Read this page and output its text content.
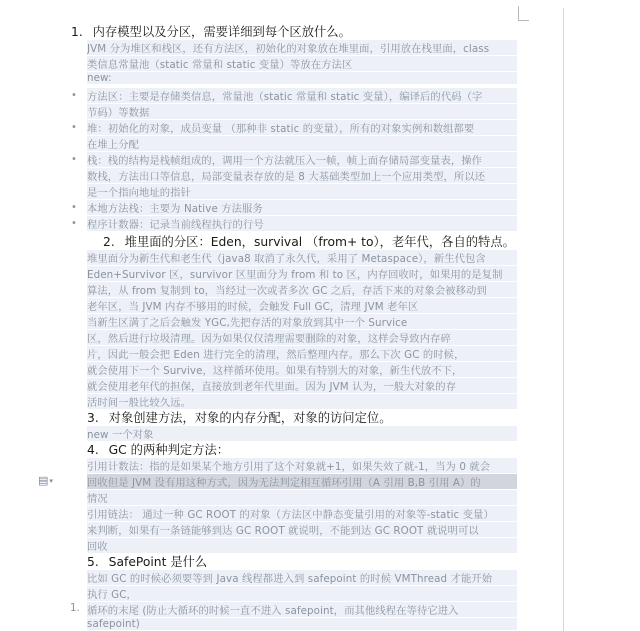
▤▾
1. 内存模型以及分区，需要详细到每个区放什么。
JVM 分为堆区和栈区，还有方法区，初始化的对象放在堆里面，引用放在栈里面，class
类信息常量池（static 常量和 static 变量）等放在方法区
new:
• 方法区：主要是存储类信息，常量池（static 常量和 static 变量），编译后的代码（字
节码）等数据
• 堆：初始化的对象，成员变量 （那种非 static 的变量），所有的对象实例和数组都要
在堆上分配
• 栈：栈的结构是栈帧组成的，调用一个方法就压入一帧，帧上面存储局部变量表，操作
数栈，方法出口等信息，局部变量表存放的是 8 大基础类型加上一个应用类型，所以还
是一个指向地址的指针
• 本地方法栈：主要为 Native 方法服务
• 程序计数器：记录当前线程执行的行号
2. 堆里面的分区：Eden，survival （from+ to），老年代，各自的特点。
堆里面分为新生代和老生代（java8 取消了永久代，采用了 Metaspace），新生代包含
Eden+Survivor 区，survivor 区里面分为 from 和 to 区，内存回收时，如果用的是复制
算法，从 from 复制到 to，当经过一次或者多次 GC 之后，存活下来的对象会被移动到
老年区，当 JVM 内存不够用的时候，会触发 Full GC，清理 JVM 老年区
当新生区满了之后会触发 YGC,先把存活的对象放到其中一个 Survice
区，然后进行垃圾清理。因为如果仅仅清理需要删除的对象，这样会导致内存碎
片，因此一般会把 Eden 进行完全的清理，然后整理内存。那么下次 GC 的时候，
就会使用下一个 Survive，这样循环使用。如果有特别大的对象，新生代放不下，
就会使用老年代的担保，直接放到老年代里面。因为 JVM 认为，一般大对象的存
活时间一般比较久远。
3. 对象创建方法，对象的内存分配，对象的访问定位。
new 一个对象
4. GC 的两种判定方法：
引用计数法：指的是如果某个地方引用了这个对象就+1，如果失效了就-1，当为 0 就会
回收但是 JVM 没有用这种方式，因为无法判定相互循环引用（A 引用 B,B 引用 A）的
情况
引用链法： 通过一种 GC ROOT 的对象（方法区中静态变量引用的对象等-static 变量）
来判断，如果有一条链能够到达 GC ROOT 就说明，不能到达 GC ROOT 就说明可以
回收
5. SafePoint 是什么
比如 GC 的时候必须要等到 Java 线程都进入到 safepoint 的时候 VMThread 才能开始
执行 GC，
1. 循环的末尾 (防止大循环的时候一直不进入 safepoint，而其他线程在等待它进入
safepoint)
